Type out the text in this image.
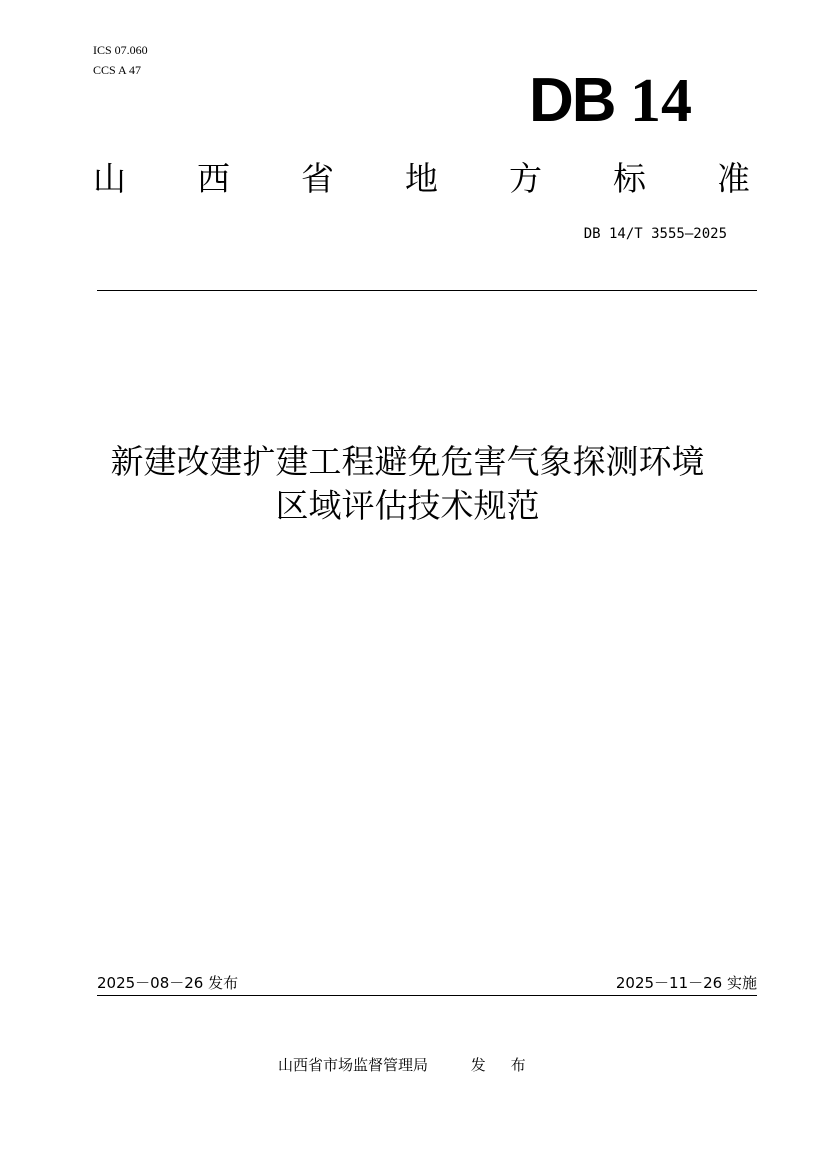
ICS 07.060
CCS A 47	DB 14
山 西 省 地 方 标 准
DB 14/T 3555—2025
新建改建扩建工程避免危害气象探测环境
区域评估技术规范
2025－08－26 发布	2025－11－26 实施
山西省市场监督管理局	发 布
